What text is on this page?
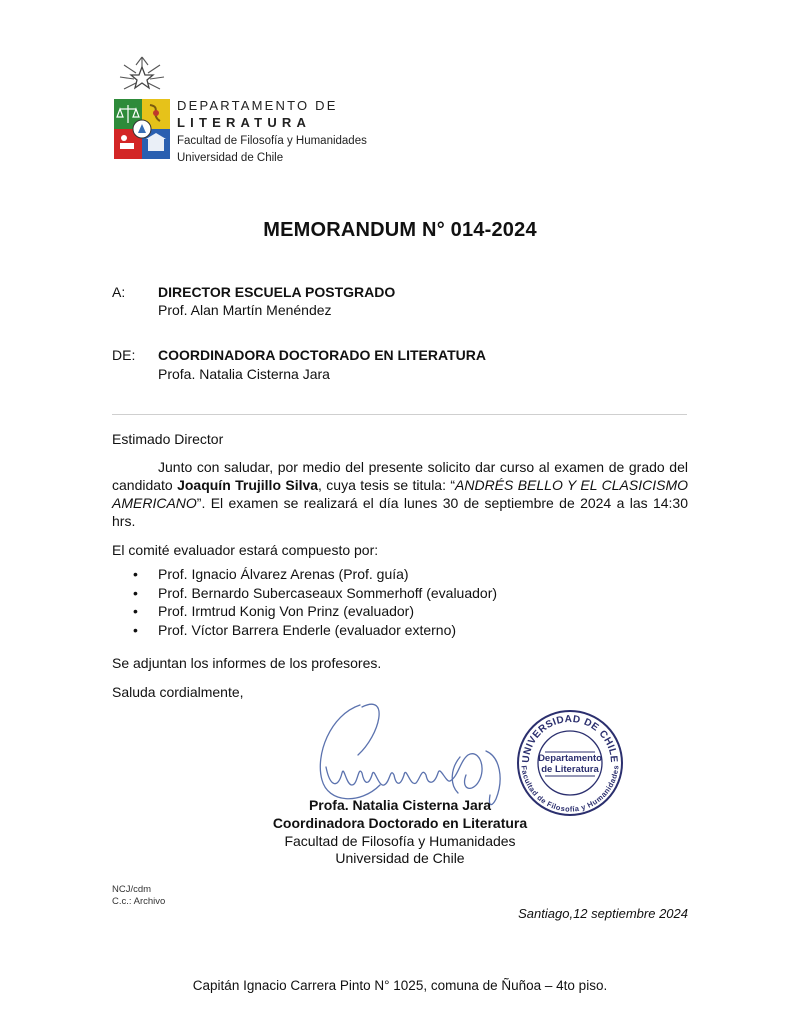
DEPARTAMENTO DE
LITERATURA
Facultad de Filosofía y Humanidades
Universidad de Chile
MEMORANDUM N° 014-2024
A: DIRECTOR ESCUELA POSTGRADO
Prof. Alan Martín Menéndez
DE: COORDINADORA DOCTORADO EN LITERATURA
Profa. Natalia Cisterna Jara
Estimado Director
Junto con saludar, por medio del presente solicito dar curso al examen de grado del candidato Joaquín Trujillo Silva, cuya tesis se titula: “ANDRÉS BELLO Y EL CLASICISMO AMERICANO”. El examen se realizará el día lunes 30 de septiembre de 2024 a las 14:30 hrs.
El comité evaluador estará compuesto por:
• Prof. Ignacio Álvarez Arenas (Prof. guía)
• Prof. Bernardo Subercaseaux Sommerhoff (evaluador)
• Prof. Irmtrud Konig Von Prinz (evaluador)
• Prof. Víctor Barrera Enderle (evaluador externo)
Se adjuntan los informes de los profesores.
Saluda cordialmente,
UNIVERSIDAD DE CHILE
Facultad de Filosofía y Humanidades
Departamento
de Literatura
Profa. Natalia Cisterna Jara
Coordinadora Doctorado en Literatura
Facultad de Filosofía y Humanidades
Universidad de Chile
NCJ/cdm
C.c.: Archivo
Santiago,12 septiembre 2024
Capitán Ignacio Carrera Pinto N° 1025, comuna de Ñuñoa – 4to piso.
